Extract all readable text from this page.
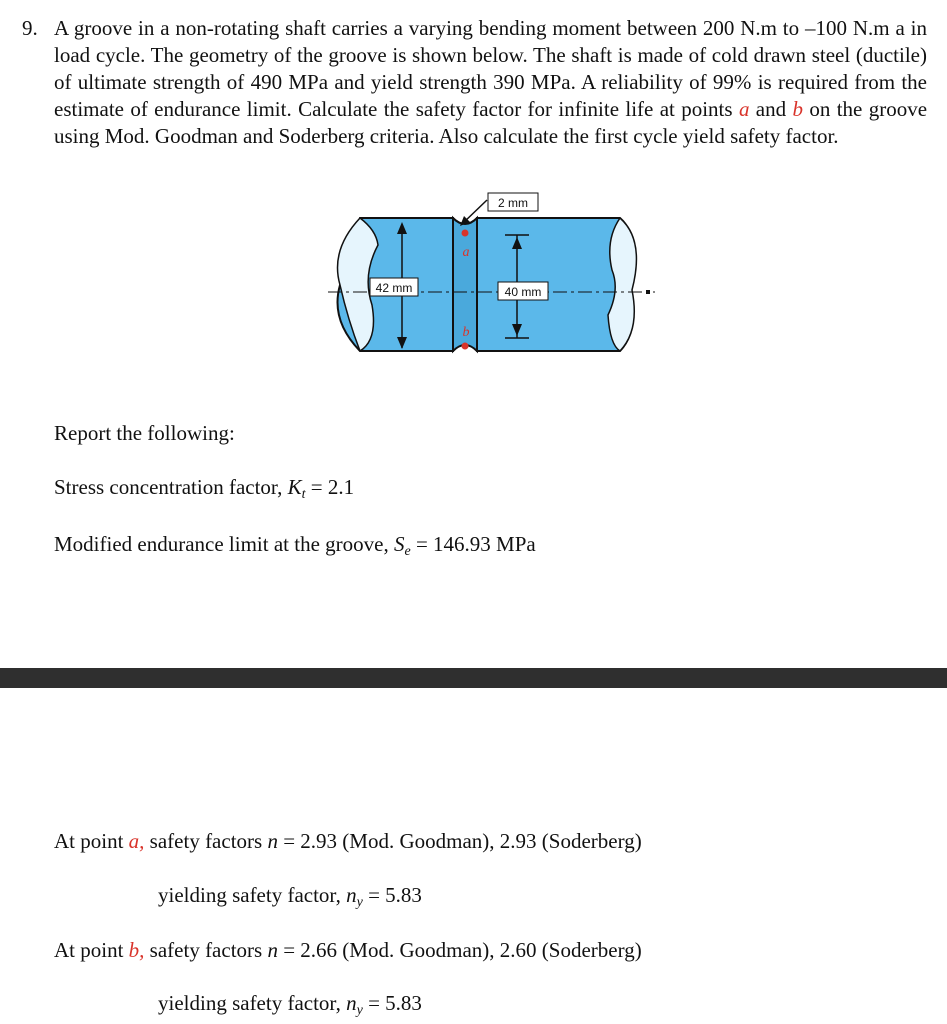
9. A groove in a non-rotating shaft carries a varying bending moment between 200 N.m to –100 N.m a in load cycle. The geometry of the groove is shown below. The shaft is made of cold drawn steel (ductile) of ultimate strength of 490 MPa and yield strength 390 MPa. A reliability of 99% is required from the estimate of endurance limit. Calculate the safety factor for infinite life at points a and b on the groove using Mod. Goodman and Soderberg criteria. Also calculate the first cycle yield safety factor.
2 mm
42 mm	40 mm
a
b
Report the following:
Stress concentration factor, $K_t = 2.1$
Modified endurance limit at the groove, $S_e = 146.93$ MPa
At point a, safety factors n = 2.93 (Mod. Goodman), 2.93 (Soderberg)
yielding safety factor, $n_y = 5.83$
At point b, safety factors n = 2.66 (Mod. Goodman), 2.60 (Soderberg)
yielding safety factor, $n_y = 5.83$
